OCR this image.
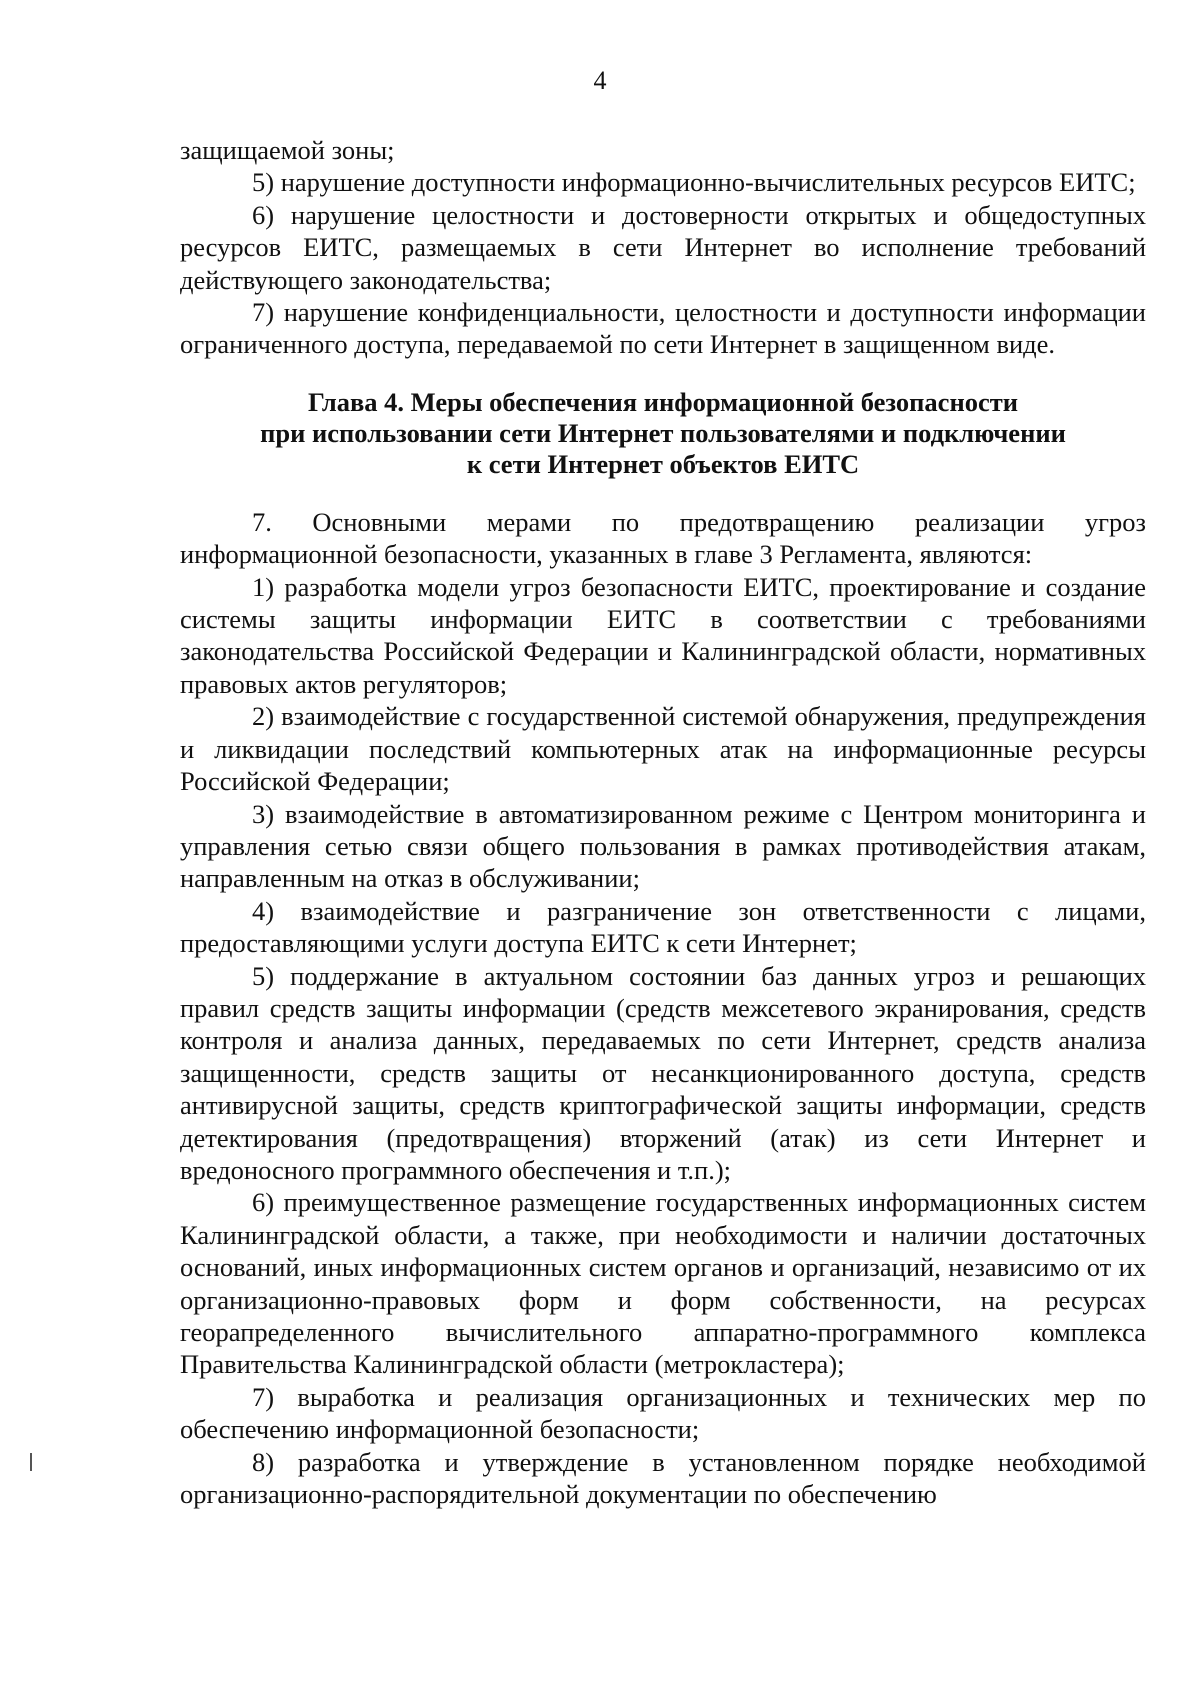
4

защищаемой зоны;

5) нарушение доступности информационно-вычислительных ресурсов ЕИТС;

6) нарушение целостности и достоверности открытых и общедоступных ресурсов ЕИТС, размещаемых в сети Интернет во исполнение требований действующего законодательства;

7) нарушение конфиденциальности, целостности и доступности информации ограниченного доступа, передаваемой по сети Интернет в защищенном виде.

Глава 4. Меры обеспечения информационной безопасности
при использовании сети Интернет пользователями и подключении
к сети Интернет объектов ЕИТС

7. Основными мерами по предотвращению реализации угроз информационной безопасности, указанных в главе 3 Регламента, являются:

1) разработка модели угроз безопасности ЕИТС, проектирование и создание системы защиты информации ЕИТС в соответствии с требованиями законодательства Российской Федерации и Калининградской области, нормативных правовых актов регуляторов;

2) взаимодействие с государственной системой обнаружения, предупреждения и ликвидации последствий компьютерных атак на информационные ресурсы Российской Федерации;

3) взаимодействие в автоматизированном режиме с Центром мониторинга и управления сетью связи общего пользования в рамках противодействия атакам, направленным на отказ в обслуживании;

4) взаимодействие и разграничение зон ответственности с лицами, предоставляющими услуги доступа ЕИТС к сети Интернет;

5) поддержание в актуальном состоянии баз данных угроз и решающих правил средств защиты информации (средств межсетевого экранирования, средств контроля и анализа данных, передаваемых по сети Интернет, средств анализа защищенности, средств защиты от несанкционированного доступа, средств антивирусной защиты, средств криптографической защиты информации, средств детектирования (предотвращения) вторжений (атак) из сети Интернет и вредоносного программного обеспечения и т.п.);

6) преимущественное размещение государственных информационных систем Калининградской области, а также, при необходимости и наличии достаточных оснований, иных информационных систем органов и организаций, независимо от их организационно-правовых форм и форм собственности, на ресурсах георапределенного вычислительного аппаратно-программного комплекса Правительства Калининградской области (метрокластера);

7) выработка и реализация организационных и технических мер по обеспечению информационной безопасности;

8) разработка и утверждение в установленном порядке необходимой организационно-распорядительной документации по обеспечению
